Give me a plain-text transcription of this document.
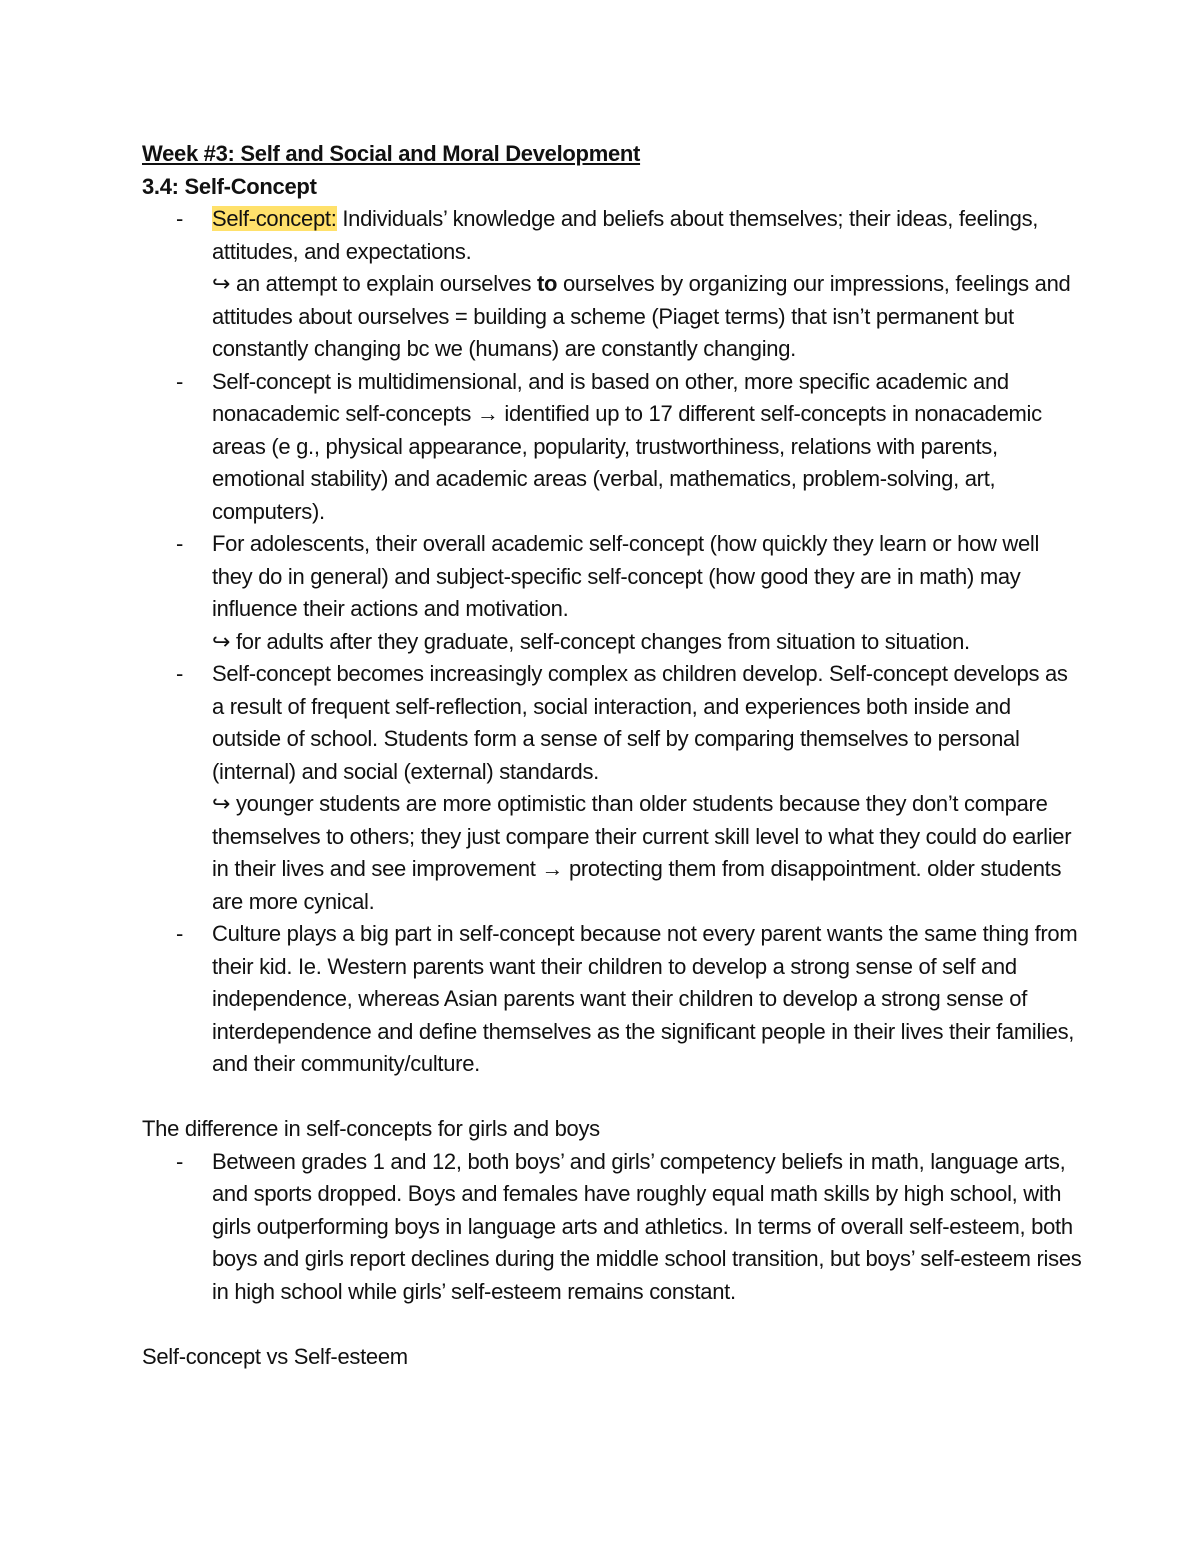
Week #3: Self and Social and Moral Development
3.4: Self-Concept
- Self-concept: Individuals’ knowledge and beliefs about themselves; their ideas, feelings, attitudes, and expectations.
↪ an attempt to explain ourselves to ourselves by organizing our impressions, feelings and attitudes about ourselves = building a scheme (Piaget terms) that isn’t permanent but constantly changing bc we (humans) are constantly changing.
- Self-concept is multidimensional, and is based on other, more specific academic and nonacademic self-concepts → identified up to 17 different self-concepts in nonacademic areas (e g., physical appearance, popularity, trustworthiness, relations with parents, emotional stability) and academic areas (verbal, mathematics, problem-solving, art, computers).
- For adolescents, their overall academic self-concept (how quickly they learn or how well they do in general) and subject-specific self-concept (how good they are in math) may influence their actions and motivation.
↪ for adults after they graduate, self-concept changes from situation to situation.
- Self-concept becomes increasingly complex as children develop. Self-concept develops as a result of frequent self-reflection, social interaction, and experiences both inside and outside of school. Students form a sense of self by comparing themselves to personal (internal) and social (external) standards.
↪ younger students are more optimistic than older students because they don’t compare themselves to others; they just compare their current skill level to what they could do earlier in their lives and see improvement → protecting them from disappointment. older students are more cynical.
- Culture plays a big part in self-concept because not every parent wants the same thing from their kid. Ie. Western parents want their children to develop a strong sense of self and independence, whereas Asian parents want their children to develop a strong sense of interdependence and define themselves as the significant people in their lives their families, and their community/culture.
The difference in self-concepts for girls and boys
- Between grades 1 and 12, both boys’ and girls’ competency beliefs in math, language arts, and sports dropped. Boys and females have roughly equal math skills by high school, with girls outperforming boys in language arts and athletics. In terms of overall self-esteem, both boys and girls report declines during the middle school transition, but boys’ self-esteem rises in high school while girls’ self-esteem remains constant.
Self-concept vs Self-esteem
